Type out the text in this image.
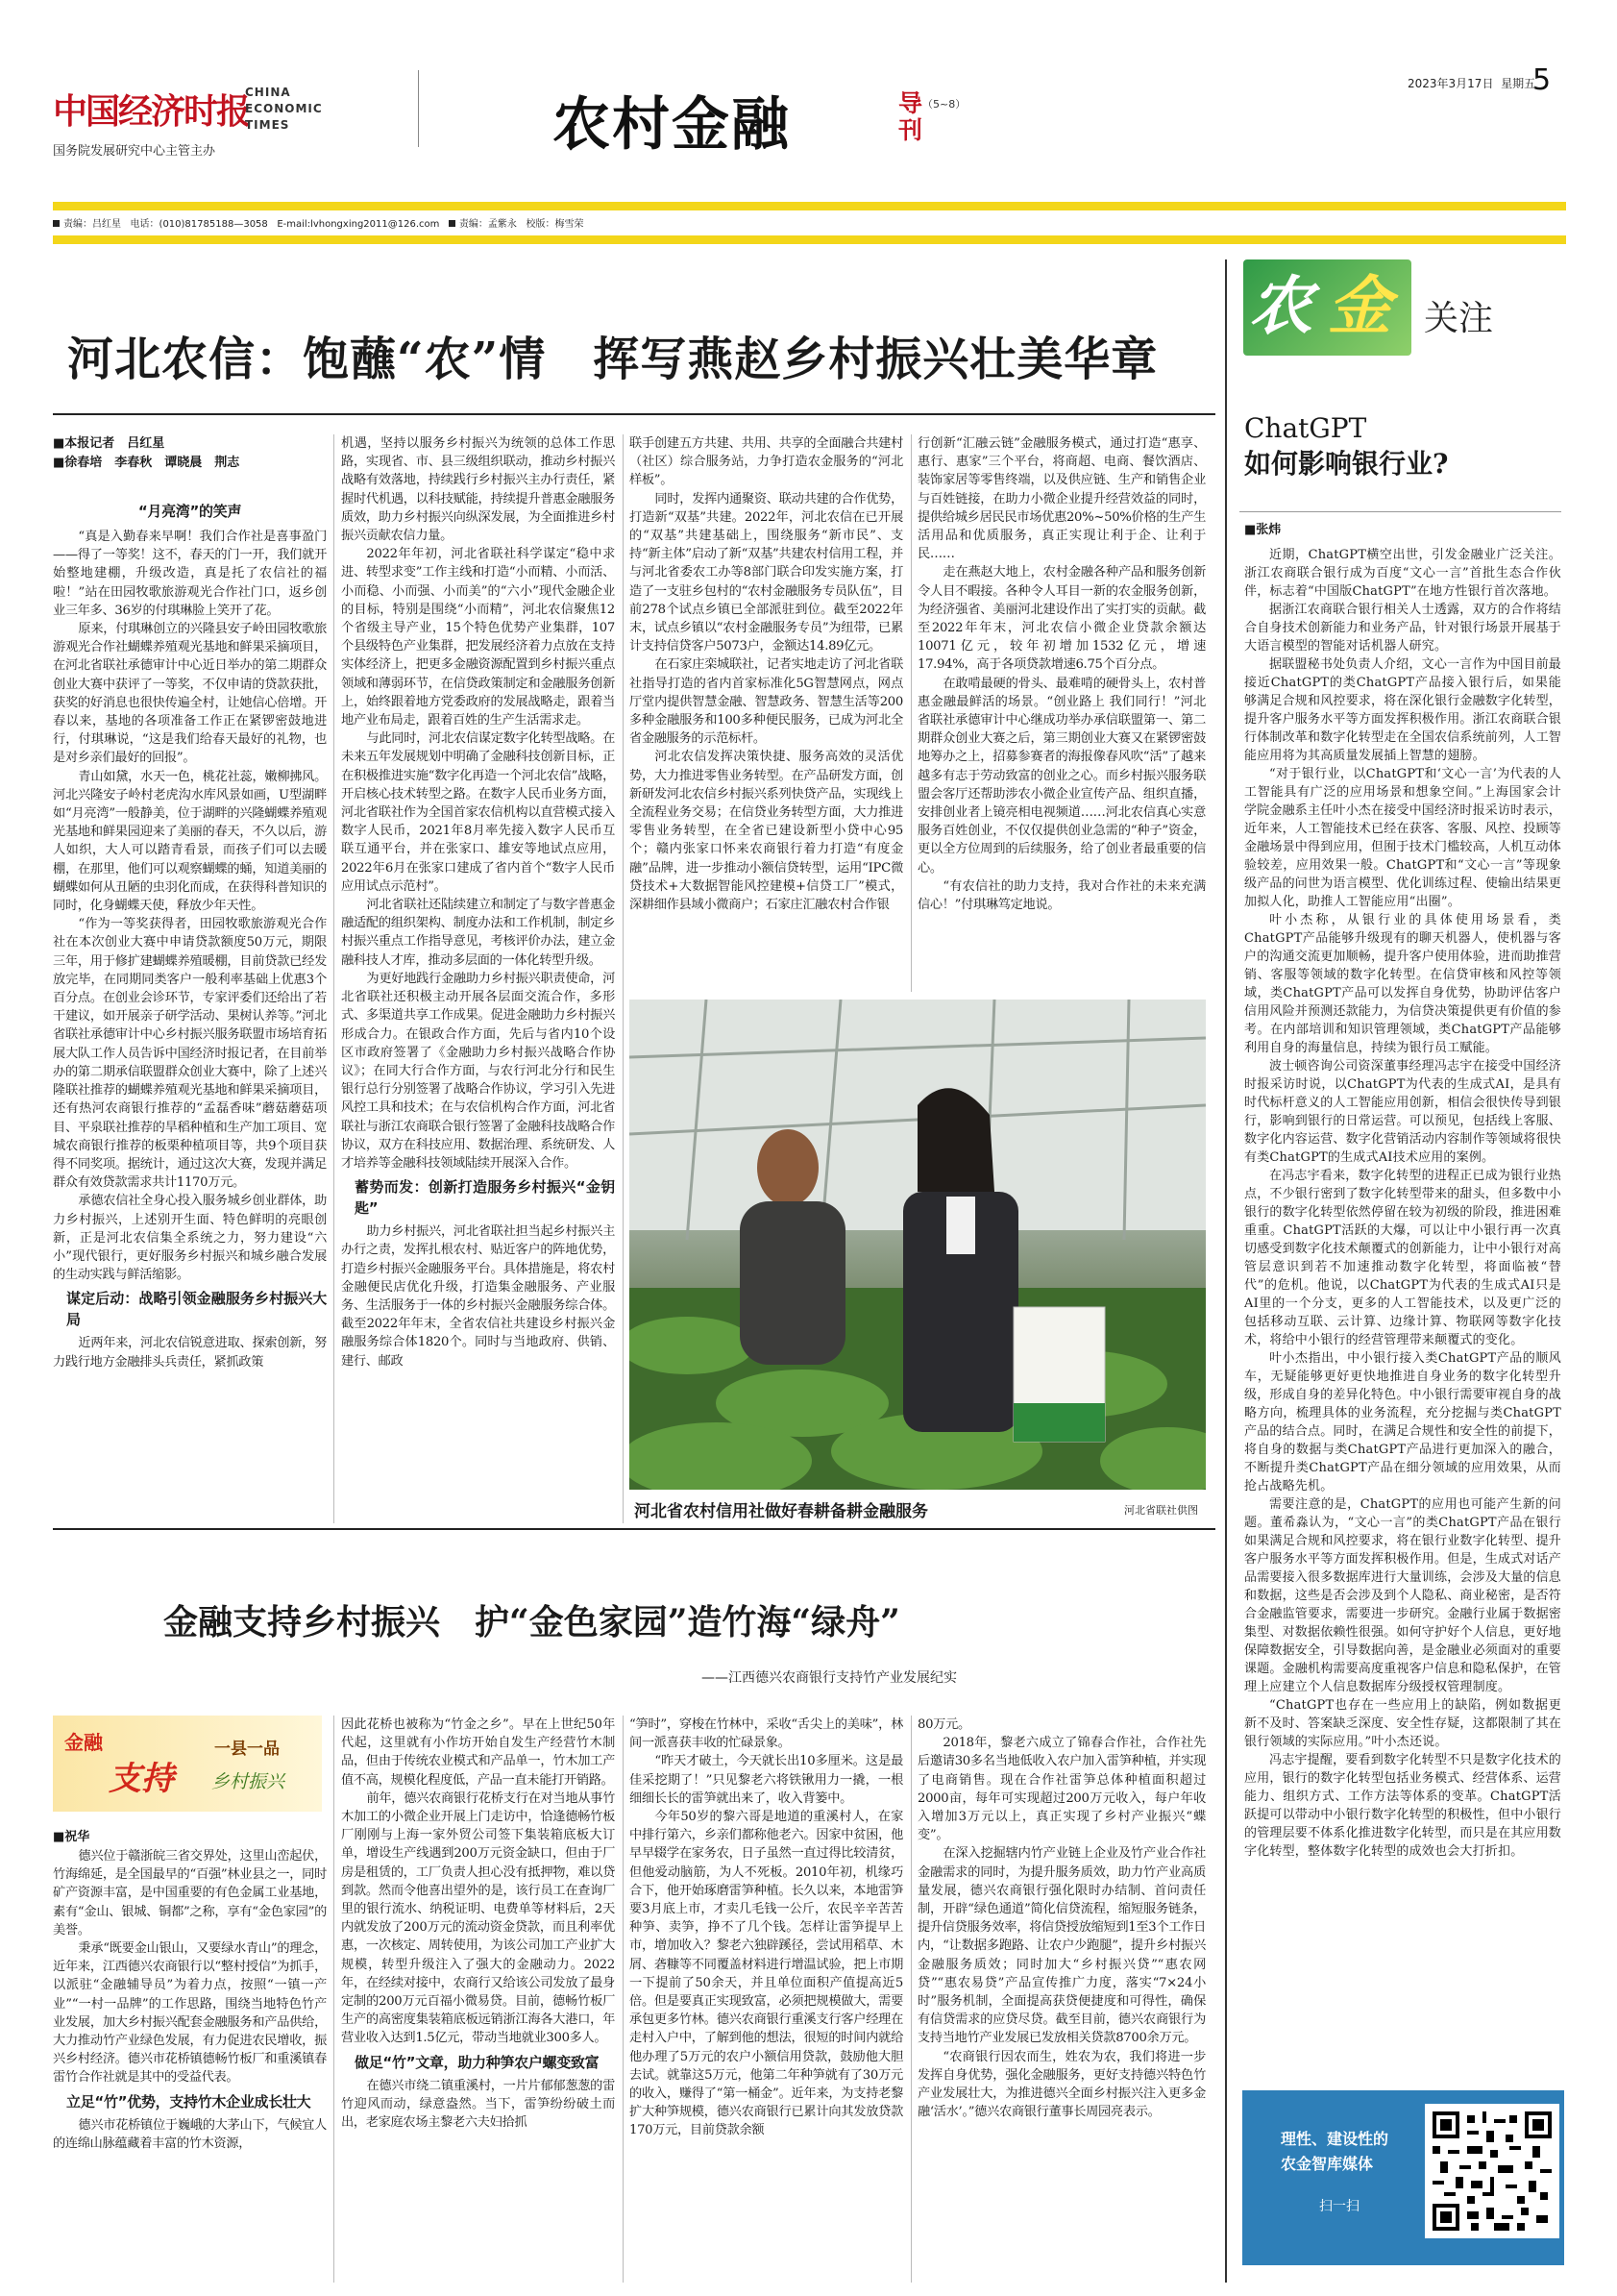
中国经济时报
CHINA
ECONOMIC
TIMES
国务院发展研究中心主管主办	农村金融	导刊
（5~8）
2023年3月17日 星期五
5
责编：吕红星 电话：(010)81785188—3058 E-mail:lvhongxing2011@126.com 责编：孟紫永 校版：梅雪荣
河北农信：饱蘸“农”情　挥写燕赵乡村振兴壮美华章
■本报记者　吕红星
■徐春培　李春秋　谭晓晨　荆志
“月亮湾”的笑声

“真是入勤春来早啊！我们合作社是喜事盈门——得了一等奖！这不，春天的门一开，我们就开始整地建棚，升级改造，真是托了农信社的福啦！”站在田园牧歌旅游观光合作社门口，返乡创业三年多、36岁的付琪琳脸上笑开了花。

原来，付琪琳创立的兴隆县安子岭田园牧歌旅游观光合作社蝴蝶养殖观光基地和鲜果采摘项目，在河北省联社承德审计中心近日举办的第二期群众创业大赛中获评了一等奖，不仅申请的贷款获批，获奖的好消息也很快传遍全村，让她信心倍增。开春以来，基地的各项准备工作正在紧锣密鼓地进行，付琪琳说，“这是我们给春天最好的礼物，也是对乡亲们最好的回报”。

青山如黛，水天一色，桃花社蕊，嫩柳拂风。河北兴隆安子岭村老虎沟水库风景如画，U型湖畔如“月亮湾”一般静美，位于湖畔的兴隆蝴蝶养殖观光基地和鲜果园迎来了美丽的春天，不久以后，游人如织，大人可以踏青看景，而孩子们可以去暖棚，在那里，他们可以观察蝴蝶的蛹，知道美丽的蝴蝶如何从丑陋的虫羽化而成，在获得科普知识的同时，化身蝴蝶天使，释放少年天性。

“作为一等奖获得者，田园牧歌旅游观光合作社在本次创业大赛中申请贷款额度50万元，期限三年，用于修扩建蝴蝶养殖暖棚，目前贷款已经发放完毕，在同期同类客户一般利率基础上优惠3个百分点。在创业会诊环节，专家评委们还给出了若干建议，如开展亲子研学活动、果树认养等。”河北省联社承德审计中心乡村振兴服务联盟市场培育拓展大队工作人员告诉中国经济时报记者，在目前举办的第二期承信联盟群众创业大赛中，除了上述兴隆联社推荐的蝴蝶养殖观光基地和鲜果采摘项目，还有热河农商银行推荐的“孟磊香味”蘑菇蘑菇项目、平泉联社推荐的旱稻种植和生产加工项目、宽城农商银行推荐的板栗种植项目等，共9个项目获得不同奖项。据统计，通过这次大赛，发现并满足群众有效贷款需求共计1170万元。

承德农信社全身心投入服务城乡创业群体，助力乡村振兴，上述别开生面、特色鲜明的亮眼创新，正是河北农信集全系统之力，努力建设“六小”现代银行，更好服务乡村振兴和城乡融合发展的生动实践与鲜活缩影。

谋定后动：战略引领金融服务乡村振兴大局

近两年来，河北农信锐意进取、探索创新，努力践行地方金融排头兵责任，紧抓政策

机遇，坚持以服务乡村振兴为统领的总体工作思路，实现省、市、县三级组织联动，推动乡村振兴战略有效落地，持续践行乡村振兴主办行责任，紧握时代机遇，以科技赋能，持续提升普惠金融服务质效，助力乡村振兴向纵深发展，为全面推进乡村振兴贡献农信力量。

2022年年初，河北省联社科学谋定“稳中求进、转型求变”工作主线和打造“小而精、小而活、小而稳、小而强、小而美”的“六小”现代金融企业的目标，特别是围绕“小而精”，河北农信聚焦12个省级主导产业，15个特色优势产业集群，107个县级特色产业集群，把发展经济着力点放在支持实体经济上，把更多金融资源配置到乡村振兴重点领域和薄弱环节，在信贷政策制定和金融服务创新上，始终跟着地方党委政府的发展战略走，跟着当地产业布局走，跟着百姓的生产生活需求走。

与此同时，河北农信谋定数字化转型战略。在未来五年发展规划中明确了金融科技创新目标，正在积极推进实施“数字化再造一个河北农信”战略，开启核心技术转型之路。在数字人民币业务方面，河北省联社作为全国首家农信机构以直营模式接入数字人民币，2021年8月率先接入数字人民币互联互通平台，并在张家口、雄安等地试点应用，2022年6月在张家口建成了省内首个“数字人民币应用试点示范村”。

河北省联社还陆续建立和制定了与数字普惠金融适配的组织架构、制度办法和工作机制，制定乡村振兴重点工作指导意见，考核评价办法，建立金融科技人才库，推动多层面的一体化转型升级。

为更好地践行金融助力乡村振兴职责使命，河北省联社还积极主动开展各层面交流合作，多形式、多渠道共享工作成果。促进金融助力乡村振兴形成合力。在银政合作方面，先后与省内10个设区市政府签署了《金融助力乡村振兴战略合作协议》；在同大行合作方面，与农行河北分行和民生银行总行分别签署了战略合作协议，学习引入先进风控工具和技术；在与农信机构合作方面，河北省联社与浙江农商联合银行签署了金融科技战略合作协议，双方在科技应用、数据治理、系统研发、人才培养等金融科技领域陆续开展深入合作。

蓄势而发：创新打造服务乡村振兴“金钥匙”

助力乡村振兴，河北省联社担当起乡村振兴主办行之责，发挥扎根农村、贴近客户的阵地优势，打造乡村振兴金融服务平台。具体措施是，将农村金融便民店优化升级，打造集金融服务、产业服务、生活服务于一体的乡村振兴金融服务综合体。截至2022年年末，全省农信社共建设乡村振兴金融服务综合体1820个。同时与当地政府、供销、建行、邮政

联手创建五方共建、共用、共享的全面融合共建村（社区）综合服务站，力争打造农金服务的“河北样板”。

同时，发挥内通聚资、联动共建的合作优势，打造新“双基”共建。2022年，河北农信在已开展的“双基”共建基础上，围绕服务“新市民”、支持“新主体”启动了新“双基”共建农村信用工程，并与河北省委农工办等8部门联合印发实施方案，打造了一支驻乡包村的“农村金融服务专员队伍”，目前278个试点乡镇已全部派驻到位。截至2022年末，试点乡镇以“农村金融服务专员”为纽带，已累计支持信贷客户5073户，金额达14.89亿元。

在石家庄栾城联社，记者实地走访了河北省联社指导打造的省内首家标准化5G智慧网点，网点厅堂内提供智慧金融、智慧政务、智慧生活等200多种金融服务和100多种便民服务，已成为河北全省金融服务的示范标杆。

河北农信发挥决策快捷、服务高效的灵活优势，大力推进零售业务转型。在产品研发方面，创新研发河北农信乡村振兴系列快贷产品，实现线上全流程业务交易；在信贷业务转型方面，大力推进零售业务转型，在全省已建设新型小贷中心95个；赣内张家口怀来农商银行着力打造“有度金融”品牌，进一步推动小额信贷转型，运用“IPC微贷技术+大数据智能风控建模+信贷工厂”模式，深耕细作县域小微商户；石家庄汇融农村合作银

行创新“汇融云链”金融服务模式，通过打造“惠享、惠行、惠家”三个平台，将商超、电商、餐饮酒店、装饰家居等零售终端，以及供应链、生产和销售企业与百姓链接，在助力小微企业提升经营效益的同时，提供给城乡居民民市场优惠20%~50%价格的生产生活用品和优质服务，真正实现让利于企、让利于民……

走在燕赵大地上，农村金融各种产品和服务创新令人目不暇接。各种令人耳目一新的农金服务创新，为经济强省、美丽河北建设作出了实打实的贡献。截至2022年年末，河北农信小微企业贷款余额达10071亿元，较年初增加1532亿元，增速17.94%，高于各项贷款增速6.75个百分点。

在敢啃最硬的骨头、最难啃的硬骨头上，农村普惠金融最鲜活的场景。“创业路上 我们同行！”河北省联社承德审计中心继成功举办承信联盟第一、第二期群众创业大赛之后，第三期创业大赛又在紧锣密鼓地筹办之上，招募参赛者的海报像春风吹“活”了越来越多有志于劳动致富的创业之心。而乡村振兴服务联盟会客厅还帮助涉农小微企业宣传产品、组织直播，安排创业者上镜亮相电视频道……河北农信真心实意服务百姓创业，不仅仅提供创业急需的“种子”资金，更以全方位周到的后续服务，给了创业者最重要的信心。

“有农信社的助力支持，我对合作社的未来充满信心！”付琪琳笃定地说。

河北省农村信用社做好春耕备耕金融服务	河北省联社供图
金融支持乡村振兴　护“金色家园”造竹海“绿舟”
——江西德兴农商银行支持竹产业发展纪实
金融
支持
一县一品
乡村振兴
■祝华

德兴位于赣浙皖三省交界处，这里山峦起伏，竹海绵延，是全国最早的“百强”林业县之一，同时矿产资源丰富，是中国重要的有色金属工业基地，素有“金山、银城、铜都”之称，享有“金色家园”的美誉。

秉承“既要金山银山，又要绿水青山”的理念，近年来，江西德兴农商银行以“整村授信”为抓手，以派驻“金融辅导员”为着力点，按照“一镇一产业”“一村一品牌”的工作思路，围绕当地特色竹产业发展，加大乡村振兴配套金融服务和产品供给，大力推动竹产业绿色发展，有力促进农民增收，振兴乡村经济。德兴市花桥镇德畅竹板厂和重溪镇春雷竹合作社就是其中的受益代表。

立足“竹”优势，支持竹木企业成长壮大

德兴市花桥镇位于巍峨的大茅山下，气候宜人的连绵山脉蕴藏着丰富的竹木资源，

因此花桥也被称为“竹金之乡”。早在上世纪50年代起，这里就有小作坊开始自发生产经营竹木制品，但由于传统农业模式和产品单一，竹木加工产值不高，规模化程度低，产品一直未能打开销路。

前年，德兴农商银行花桥支行在对当地从事竹木加工的小微企业开展上门走访中，恰逢德畅竹板厂刚刚与上海一家外贸公司签下集装箱底板大订单，增设生产线遇到200万元资金缺口，但由于厂房是租赁的，工厂负责人担心没有抵押物，难以贷到款。然而令他喜出望外的是，该行员工在查询厂里的银行流水、纳税证明、电费单等材料后，2天内就发放了200万元的流动资金贷款，而且利率优惠，一次核定、周转使用，为该公司加工产业扩大规模，转型升级注入了强大的金融动力。2022年，在经续对接中，农商行又给该公司发放了最身定制的200万元百福小微易贷。目前，德畅竹板厂生产的高密度集装箱底板远销浙江海各大港口，年营业收入达到1.5亿元，带动当地就业300多人。

做足“竹”文章，助力种笋农户螺变致富

在德兴市绕二镇重溪村，一片片郁郁葱葱的雷竹迎风而动，绿意盎然。当下，雷笋纷纷破土而出，老家庭农场主黎老六夫妇拾抓

“笋时”，穿梭在竹林中，采收“舌尖上的美味”，林间一派喜获丰收的忙碌景象。

“昨天才破土，今天就长出10多厘米。这是最佳采挖期了！”只见黎老六将铁锹用力一撬，一根细细长长的雷笋就出来了，收入背篓中。

今年50岁的黎六哥是地道的重溪村人，在家中排行第六，乡亲们都称他老六。因家中贫困，他早早辍学在家务农，日子虽然一直过得比较清贫，但他爱动脑筋，为人不死板。2010年初，机缘巧合下，他开始琢磨雷笋种植。长久以来，本地雷笋要3月底上市，才卖几毛钱一公斤，农民辛辛苦苦种笋、卖笋，挣不了几个钱。怎样让雷笋提早上市，增加收入？黎老六独辟蹊径，尝试用稻草、木屑、砻糠等不同覆盖材料进行增温试验，把上市期一下提前了50余天，并且单位面积产值提高近5倍。但是要真正实现致富，必须把规模做大，需要承包更多竹林。德兴农商银行重溪支行客户经理在走村入户中，了解到他的想法，很短的时间内就给他办理了5万元的农户小额信用贷款，鼓励他大胆去试。就靠这5万元，他第二年种笋就有了30万元的收入，赚得了“第一桶金”。近年来，为支持老黎扩大种笋规模，德兴农商银行已累计向其发放贷款170万元，目前贷款余额

80万元。

2018年，黎老六成立了锦春合作社，合作社先后邀请30多名当地低收入农户加入雷笋种植，并实现了电商销售。现在合作社雷笋总体种植面积超过2000亩，每年可实现超过200万元收入，每户年收入增加3万元以上，真正实现了乡村产业振兴“蝶变”。

在深入挖掘辖内竹产业链上企业及竹产业合作社金融需求的同时，为提升服务质效，助力竹产业高质量发展，德兴农商银行强化限时办结制、首问责任制，开辟“绿色通道”简化信贷流程，缩短服务链条，提升信贷服务效率，将信贷授放缩短到1至3个工作日内，“让数据多跑路、让农户少跑腿”，提升乡村振兴金融服务质效；同时加大“乡村振兴贷”“惠农网贷”“惠农易贷”产品宣传推广力度，落实“7×24小时”服务机制，全面提高获贷便捷度和可得性，确保有信贷需求的应贷尽贷。截至目前，德兴农商银行为支持当地竹产业发展已发放相关贷款8700余万元。

“农商银行因农而生，姓农为农，我们将进一步发挥自身优势，强化金融服务，更好支持德兴特色竹产业发展壮大，为推进德兴全面乡村振兴注入更多金融‘活水’。”德兴农商银行董事长周园亮表示。

农 金 关注
ChatGPT
如何影响银行业?
■张炜

近期，ChatGPT横空出世，引发金融业广泛关注。浙江农商联合银行成为百度“文心一言”首批生态合作伙伴，标志着“中国版ChatGPT”在地方性银行首次落地。

据浙江农商联合银行相关人士透露，双方的合作将结合自身技术创新能力和业务产品，针对银行场景开展基于大语言模型的智能对话机器人研究。

据联盟秘书处负责人介绍，文心一言作为中国目前最接近ChatGPT的类ChatGPT产品接入银行后，如果能够满足合规和风控要求，将在深化银行金融数字化转型，提升客户服务水平等方面发挥积极作用。浙江农商联合银行体制改革和数字化转型走在全国农信系统前列，人工智能应用将为其高质量发展插上智慧的翅膀。

“对于银行业，以ChatGPT和‘文心一言’为代表的人工智能具有广泛的应用场景和想象空间。”上海国家会计学院金融系主任叶小杰在接受中国经济时报采访时表示，近年来，人工智能技术已经在获客、客服、风控、投顾等金融场景中得到应用，但囿于技术门槛较高，人机互动体验较差，应用效果一般。ChatGPT和“文心一言”等现象级产品的问世为语言模型、优化训练过程、使输出结果更加拟人化，助推人工智能应用“出圈”。

叶小杰称，从银行业的具体使用场景看，类ChatGPT产品能够升级现有的聊天机器人，使机器与客户的沟通交流更加顺畅，提升客户使用体验，进而助推营销、客服等领域的数字化转型。在信贷审核和风控等领域，类ChatGPT产品可以发挥自身优势，协助评估客户信用风险并预测还款能力，为信贷决策提供更有价值的参考。在内部培训和知识管理领域，类ChatGPT产品能够利用自身的海量信息，持续为银行员工赋能。

波士顿咨询公司资深董事经理冯志宇在接受中国经济时报采访时说，以ChatGPT为代表的生成式AI，是具有时代标杆意义的人工智能应用创新，相信会很快传导到银行，影响到银行的日常运营。可以预见，包括线上客服、数字化内容运营、数字化营销活动内容制作等领域将很快有类ChatGPT的生成式AI技术应用的案例。

在冯志宇看来，数字化转型的进程正已成为银行业热点，不少银行密到了数字化转型带来的甜头，但多数中小银行的数字化转型依然停留在较为初级的阶段，推进困难重重。ChatGPT活跃的大爆，可以让中小银行再一次真切感受到数字化技术颠覆式的创新能力，让中小银行对高管层意识到若不加速推动数字化转型，将面临被“替代”的危机。他说，以ChatGPT为代表的生成式AI只是AI里的一个分支，更多的人工智能技术，以及更广泛的包括移动互联、云计算、边缘计算、物联网等数字化技术，将给中小银行的经营管理带来颠覆式的变化。

叶小杰指出，中小银行接入类ChatGPT产品的顺风车，无疑能够更好更快地推进自身业务的数字化转型升级，形成自身的差异化特色。中小银行需要审视自身的战略方向，梳理具体的业务流程，充分挖掘与类ChatGPT产品的结合点。同时，在满足合规性和安全性的前提下，将自身的数据与类ChatGPT产品进行更加深入的融合，不断提升类ChatGPT产品在细分领域的应用效果，从而抢占战略先机。

需要注意的是，ChatGPT的应用也可能产生新的问题。董希淼认为，“文心一言”的类ChatGPT产品在银行如果满足合规和风控要求，将在银行业数字化转型、提升客户服务水平等方面发挥积极作用。但是，生成式对话产品需要接入很多数据库进行大量训练，会涉及大量的信息和数据，这些是否会涉及到个人隐私、商业秘密，是否符合金融监管要求，需要进一步研究。金融行业属于数据密集型、对数据依赖性很强。如何守护好个人信息，更好地保障数据安全，引导数据向善，是金融业必须面对的重要课题。金融机构需要高度重视客户信息和隐私保护，在管理上应建立个人信息数据库分级授权管理制度。

“ChatGPT也存在一些应用上的缺陷，例如数据更新不及时、答案缺乏深度、安全性存疑，这都限制了其在银行领域的实际应用。”叶小杰还说。

冯志宇提醒，要看到数字化转型不只是数字化技术的应用，银行的数字化转型包括业务模式、经营体系、运营能力、组织方式、工作方法等体系的变革。ChatGPT活跃提可以带动中小银行数字化转型的积极性，但中小银行的管理层要不体系化推进数字化转型，而只是在其应用数字化转型，整体数字化转型的成效也会大打折扣。

理性、建设性的
农金智库媒体
扫一扫
